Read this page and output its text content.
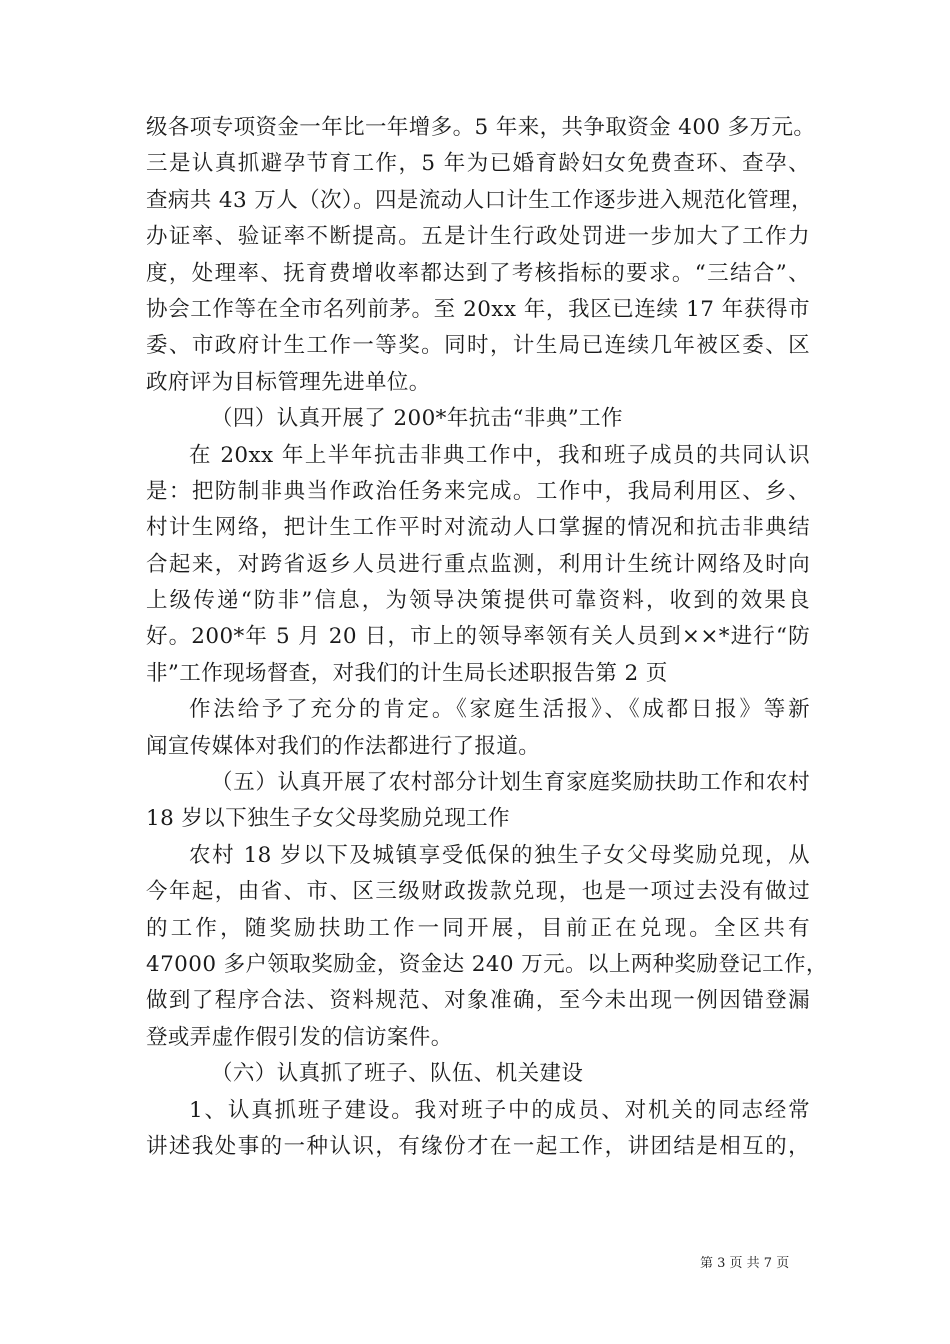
级各项专项资金一年比一年增多。5 年来，共争取资金 400 多万元。
三是认真抓避孕节育工作，5 年为已婚育龄妇女免费查环、查孕、
查病共 43 万人（次）。四是流动人口计生工作逐步进入规范化管理，
办证率、验证率不断提高。五是计生行政处罚进一步加大了工作力
度，处理率、抚育费增收率都达到了考核指标的要求。“三结合”、
协会工作等在全市名列前茅。至 20xx 年，我区已连续 17 年获得市
委、市政府计生工作一等奖。同时，计生局已连续几年被区委、区
政府评为目标管理先进单位。
（四）认真开展了 200*年抗击“非典”工作
在 20xx 年上半年抗击非典工作中，我和班子成员的共同认识
是：把防制非典当作政治任务来完成。工作中，我局利用区、乡、
村计生网络，把计生工作平时对流动人口掌握的情况和抗击非典结
合起来，对跨省返乡人员进行重点监测，利用计生统计网络及时向
上级传递“防非”信息，为领导决策提供可靠资料，收到的效果良
好。200*年 5 月 20 日，市上的领导率领有关人员到××*进行“防
非”工作现场督查，对我们的计生局长述职报告第 2 页
作法给予了充分的肯定。《家庭生活报》、《成都日报》等新
闻宣传媒体对我们的作法都进行了报道。
（五）认真开展了农村部分计划生育家庭奖励扶助工作和农村
18 岁以下独生子女父母奖励兑现工作
农村 18 岁以下及城镇享受低保的独生子女父母奖励兑现，从
今年起，由省、市、区三级财政拨款兑现，也是一项过去没有做过
的工作，随奖励扶助工作一同开展，目前正在兑现。全区共有
47000 多户领取奖励金，资金达 240 万元。以上两种奖励登记工作，
做到了程序合法、资料规范、对象准确，至今未出现一例因错登漏
登或弄虚作假引发的信访案件。
（六）认真抓了班子、队伍、机关建设
1、认真抓班子建设。我对班子中的成员、对机关的同志经常
讲述我处事的一种认识，有缘份才在一起工作，讲团结是相互的，
第 3 页 共 7 页
